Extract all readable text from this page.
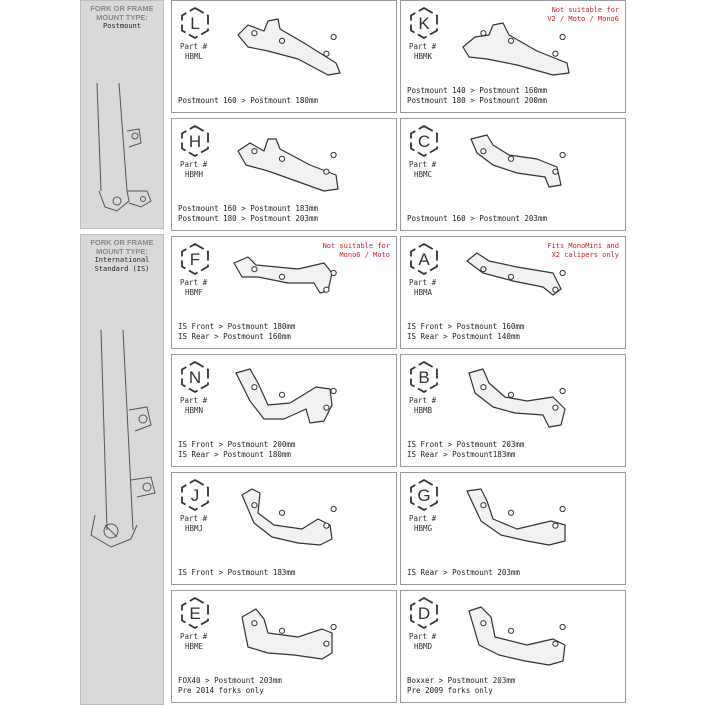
FORK OR FRAME
MOUNT TYPE:
Postmount
FORK OR FRAME
MOUNT TYPE:
International
Standard (IS)
L
Part #
HBML
Postmount 160 > Postmount 180mm
K
Part #
HBMK
Not suitable for
V2 / Moto / Mono6
Postmount 140 > Postmount 160mm
Postmount 180 > Postmount 200mm
H
Part #
HBMH
Postmount 160 > Postmount 183mm
Postmount 180 > Postmount 203mm
C
Part #
HBMC
Postmount 160 > Postmount 203mm
F
Part #
HBMF
Not suitable for
Mono6 / Moto
IS Front > Postmount 180mm
IS Rear > Postmount 160mm
A
Part #
HBMA
Fits MonoMini and
X2 calipers only
IS Front > Postmount 160mm
IS Rear > Postmount 140mm
N
Part #
HBMN
IS Front > Postmount 200mm
IS Rear > Postmount 180mm
B
Part #
HBMB
IS Front > Postmount 203mm
IS Rear > Postmount183mm
J
Part #
HBMJ
IS Front > Postmount 183mm
G
Part #
HBMG
IS Rear > Postmount 203mm
E
Part #
HBME
FOX40 > Postmount 203mm
Pre 2014 forks only
D
Part #
HBMD
Boxxer > Postmount 203mm
Pre 2009 forks only
